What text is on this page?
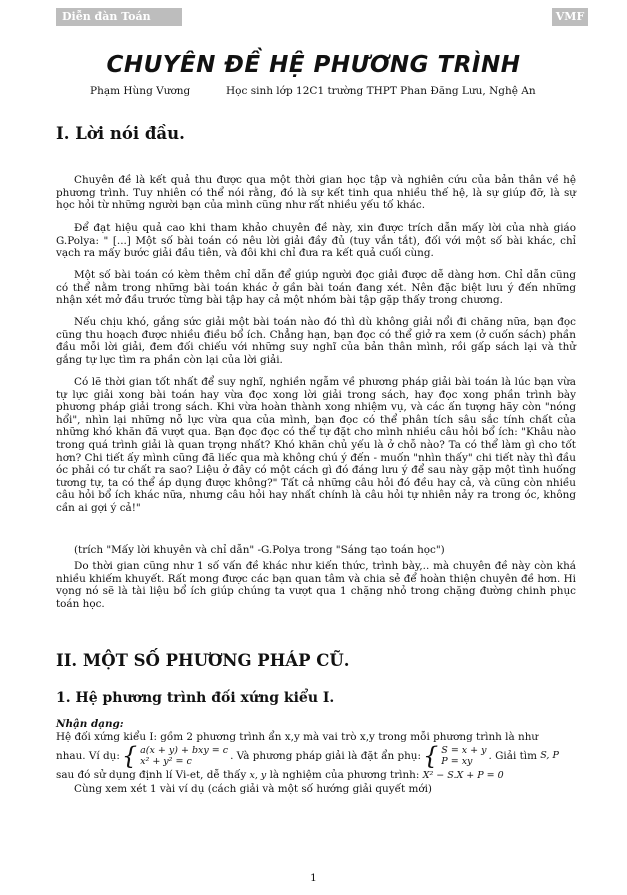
Diễn đàn Toán học
VMF
CHUYÊN ĐỀ HỆ PHƯƠNG TRÌNH
Phạm Hùng Vương	Học sinh lớp 12C1 trường THPT Phan Đăng Lưu, Nghệ An
I. Lời nói đầu.
Chuyên đề là kết quả thu được qua một thời gian học tập và nghiên cứu của bản thân về hệ phương trình. Tuy nhiên có thể nói rằng, đó là sự kết tinh qua nhiều thế hệ, là sự giúp đỡ, là sự học hỏi từ những người bạn của mình cũng như rất nhiều yếu tố khác.
Để đạt hiệu quả cao khi tham khảo chuyên đề này, xin được trích dẫn mấy lời của nhà giáo G.Polya: " [...] Một số bài toán có nêu lời giải đầy đủ (tuy vắn tắt), đối với một số bài khác, chỉ vạch ra mấy bước giải đầu tiên, và đôi khi chỉ đưa ra kết quả cuối cùng.
Một số bài toán có kèm thêm chỉ dẫn để giúp người đọc giải được dễ dàng hơn. Chỉ dẫn cũng có thể nằm trong những bài toán khác ở gần bài toán đang xét. Nên đặc biệt lưu ý đến những nhận xét mở đầu trước từng bài tập hay cả một nhóm bài tập gặp thấy trong chương.
Nếu chịu khó, gắng sức giải một bài toán nào đó thì dù không giải nổi đi chăng nữa, bạn đọc cũng thu hoạch được nhiều điều bổ ích. Chẳng hạn, bạn đọc có thể giở ra xem (ở cuốn sách) phần đầu mỗi lời giải, đem đối chiếu với những suy nghĩ của bản thân mình, rồi gấp sách lại và thử gắng tự lực tìm ra phần còn lại của lời giải.
Có lẽ thời gian tốt nhất để suy nghĩ, nghiền ngẫm về phương pháp giải bài toán là lúc bạn vừa tự lực giải xong bài toán hay vừa đọc xong lời giải trong sách, hay đọc xong phần trình bày phương pháp giải trong sách. Khi vừa hoàn thành xong nhiệm vụ, và các ấn tượng hãy còn "nóng hổi", nhìn lại những nỗ lực vừa qua của mình, bạn đọc có thể phân tích sâu sắc tính chất của những khó khăn đã vượt qua. Bạn đọc đọc có thể tự đặt cho mình nhiều câu hỏi bổ ích: "Khâu nào trong quá trình giải là quan trọng nhất? Khó khăn chủ yếu là ở chỗ nào? Ta có thể làm gì cho tốt hơn? Chi tiết ấy mình cũng đã liếc qua mà không chú ý đến - muốn "nhìn thấy" chi tiết này thì đầu óc phải có tư chất ra sao? Liệu ở đây có một cách gì đó đáng lưu ý để sau này gặp một tình huống tương tự, ta có thể áp dụng được không?" Tất cả những câu hỏi đó đều hay cả, và cũng còn nhiều câu hỏi bổ ích khác nữa, nhưng câu hỏi hay nhất chính là câu hỏi tự nhiên nảy ra trong óc, không cần ai gợi ý cả!"
(trích "Mấy lời khuyên và chỉ dẫn" -G.Polya trong "Sáng tạo toán học")
Do thời gian cũng như 1 số vấn đề khác như kiến thức, trình bày,.. mà chuyên đề này còn khá nhiều khiếm khuyết. Rất mong được các bạn quan tâm và chia sẻ để hoàn thiện chuyên đề hơn. Hi vọng nó sẽ là tài liệu bổ ích giúp chúng ta vượt qua 1 chặng nhỏ trong chặng đường chinh phục toán học.
II. MỘT SỐ PHƯƠNG PHÁP CŨ.
1. Hệ phương trình đối xứng kiểu I.
Nhận dạng:
Hệ đối xứng kiểu I: gồm 2 phương trình ẩn x,y mà vai trò x,y trong mỗi phương trình là như
nhau. Ví dụ: { a(x + y) + bxy = c
x² + y² = c	. Và phương pháp giải là đặt ẩn phụ: { S = x + y
P = xy	. Giải tìm
S, P
sau đó sử dụng định lí Vi-et, dễ thấy x, y là nghiệm của phương trình: X² − S.X + P = 0
Cùng xem xét 1 vài ví dụ (cách giải và một số hướng giải quyết mới)
1
